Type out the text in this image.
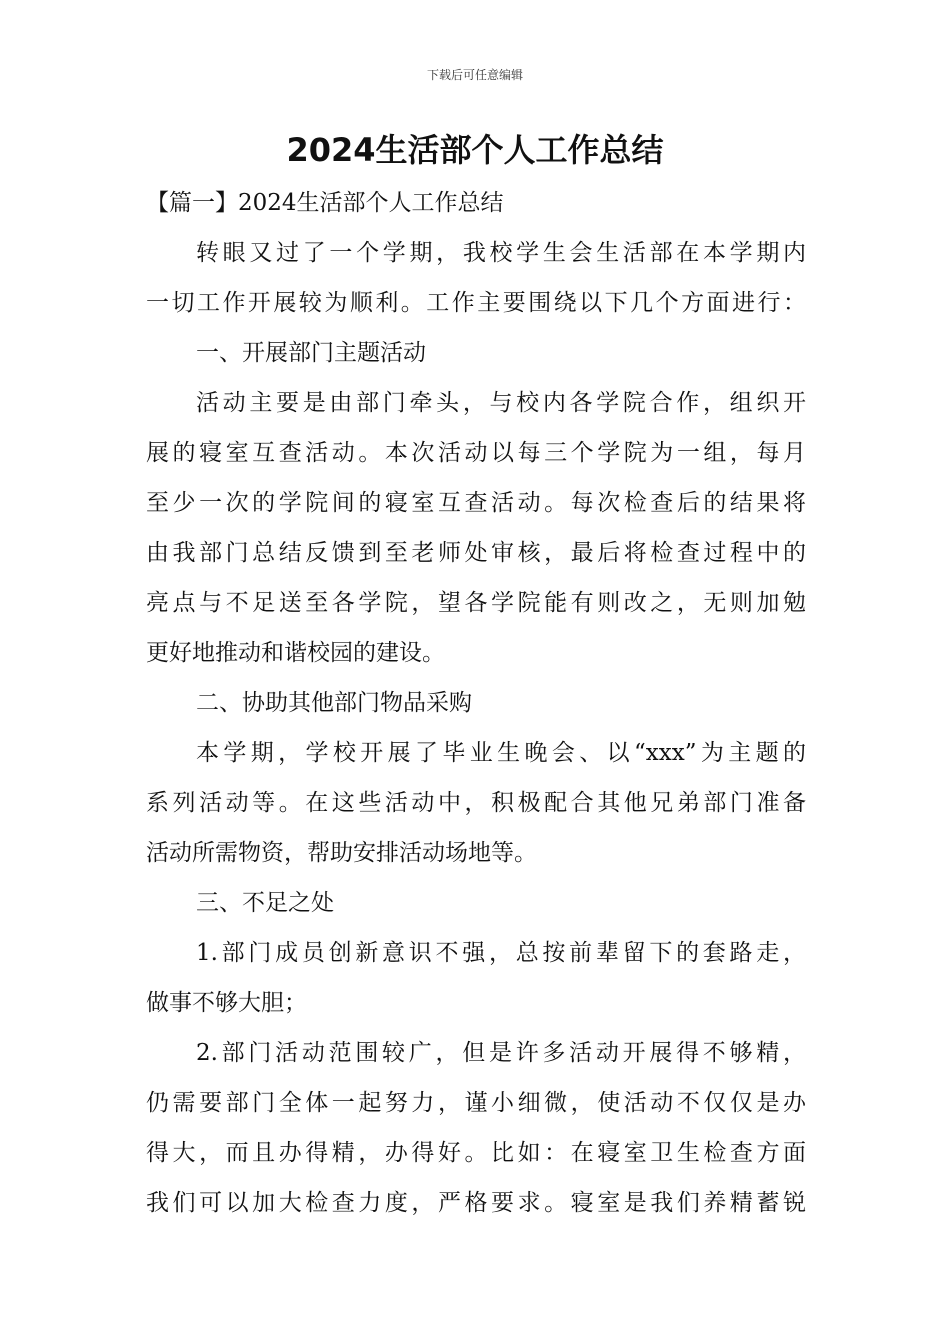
下载后可任意编辑
2024生活部个人工作总结
【篇一】2024生活部个人工作总结
转眼又过了一个学期，我校学生会生活部在本学期内
一切工作开展较为顺利。工作主要围绕以下几个方面进行：
一、开展部门主题活动
活动主要是由部门牵头，与校内各学院合作，组织开
展的寝室互查活动。本次活动以每三个学院为一组，每月
至少一次的学院间的寝室互查活动。每次检查后的结果将
由我部门总结反馈到至老师处审核，最后将检查过程中的
亮点与不足送至各学院，望各学院能有则改之，无则加勉
更好地推动和谐校园的建设。
二、协助其他部门物品采购
本学期，学校开展了毕业生晚会、以“xxx”为主题的
系列活动等。在这些活动中，积极配合其他兄弟部门准备
活动所需物资，帮助安排活动场地等。
三、不足之处
1.部门成员创新意识不强，总按前辈留下的套路走，
做事不够大胆；
2.部门活动范围较广，但是许多活动开展得不够精，
仍需要部门全体一起努力，谨小细微，使活动不仅仅是办
得大，而且办得精，办得好。比如：在寝室卫生检查方面
我们可以加大检查力度，严格要求。寝室是我们养精蓄锐
